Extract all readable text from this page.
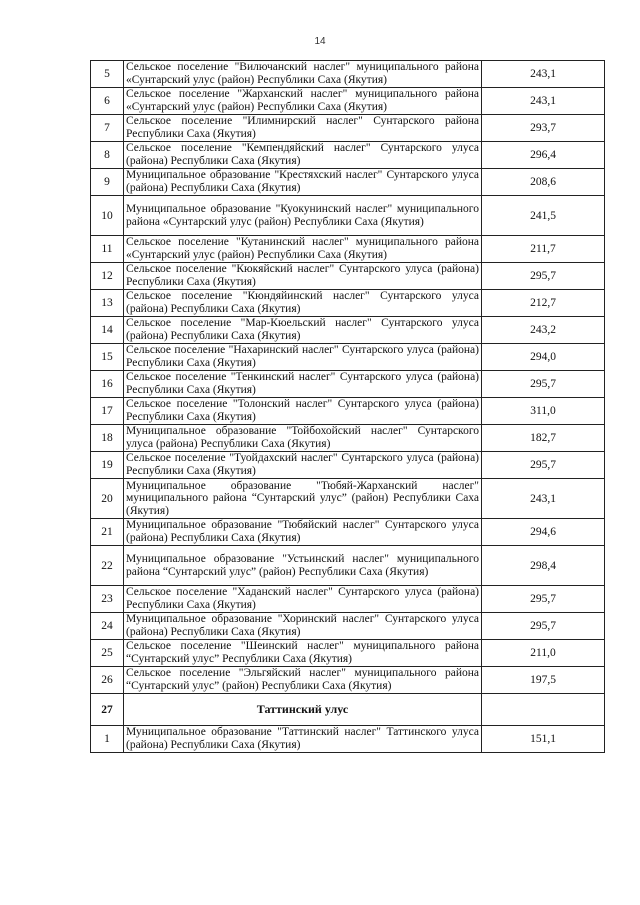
14
5	Сельское поселение "Вилючанский наслег" муниципального района «Сунтарский улус (район) Республики Саха (Якутия)	243,1
6	Сельское поселение "Жарханский наслег" муниципального района «Сунтарский улус (район) Республики Саха (Якутия)	243,1
7	Сельское поселение "Илимнирский наслег" Сунтарского района Республики Саха (Якутия)	293,7
8	Сельское поселение "Кемпендяйский наслег" Сунтарского улуса (района) Республики Саха (Якутия)	296,4
9	Муниципальное образование "Крестяхский наслег" Сунтарского улуса (района) Республики Саха (Якутия)	208,6
10	Муниципальное образование "Куокунинский наслег" муниципального района «Сунтарский улус (район) Республики Саха (Якутия)	241,5
11	Сельское поселение "Кутанинский наслег" муниципального района «Сунтарский улус (район) Республики Саха (Якутия)	211,7
12	Сельское поселение "Кюкяйский наслег" Сунтарского улуса (района) Республики Саха (Якутия)	295,7
13	Сельское поселение "Кюндяйинский наслег" Сунтарского улуса (района) Республики Саха (Якутия)	212,7
14	Сельское поселение "Мар-Кюельский наслег" Сунтарского улуса (района) Республики Саха (Якутия)	243,2
15	Сельское поселение "Нахаринский наслег" Сунтарского улуса (района) Республики Саха (Якутия)	294,0
16	Сельское поселение "Тенкинский наслег" Сунтарского улуса (района) Республики Саха (Якутия)	295,7
17	Сельское поселение "Толонский наслег" Сунтарского улуса (района) Республики Саха (Якутия)	311,0
18	Муниципальное образование "Тойбохойский наслег" Сунтарского улуса (района) Республики Саха (Якутия)	182,7
19	Сельское поселение "Туойдахский наслег" Сунтарского улуса (района) Республики Саха (Якутия)	295,7
20	Муниципальное образование "Тюбяй-Жарханский наслег" муниципального района “Сунтарский улус” (район) Республики Саха (Якутия)	243,1
21	Муниципальное образование "Тюбяйский наслег" Сунтарского улуса (района) Республики Саха (Якутия)	294,6
22	Муниципальное образование "Устьинский наслег" муниципального района “Сунтарский улус” (район) Республики Саха (Якутия)	298,4
23	Сельское поселение "Хаданский наслег" Сунтарского улуса (района) Республики Саха (Якутия)	295,7
24	Муниципальное образование "Хоринский наслег" Сунтарского улуса (района) Республики Саха (Якутия)	295,7
25	Сельское поселение "Шеинский наслег" муниципального района “Сунтарский улус” Республики Саха (Якутия)	211,0
26	Сельское поселение "Эльгяйский наслег" муниципального района “Сунтарский улус” (район) Республики Саха (Якутия)	197,5
27	Таттинский улус	
1	Муниципальное образование "Таттинский наслег" Таттинского улуса (района) Республики Саха (Якутия)	151,1
